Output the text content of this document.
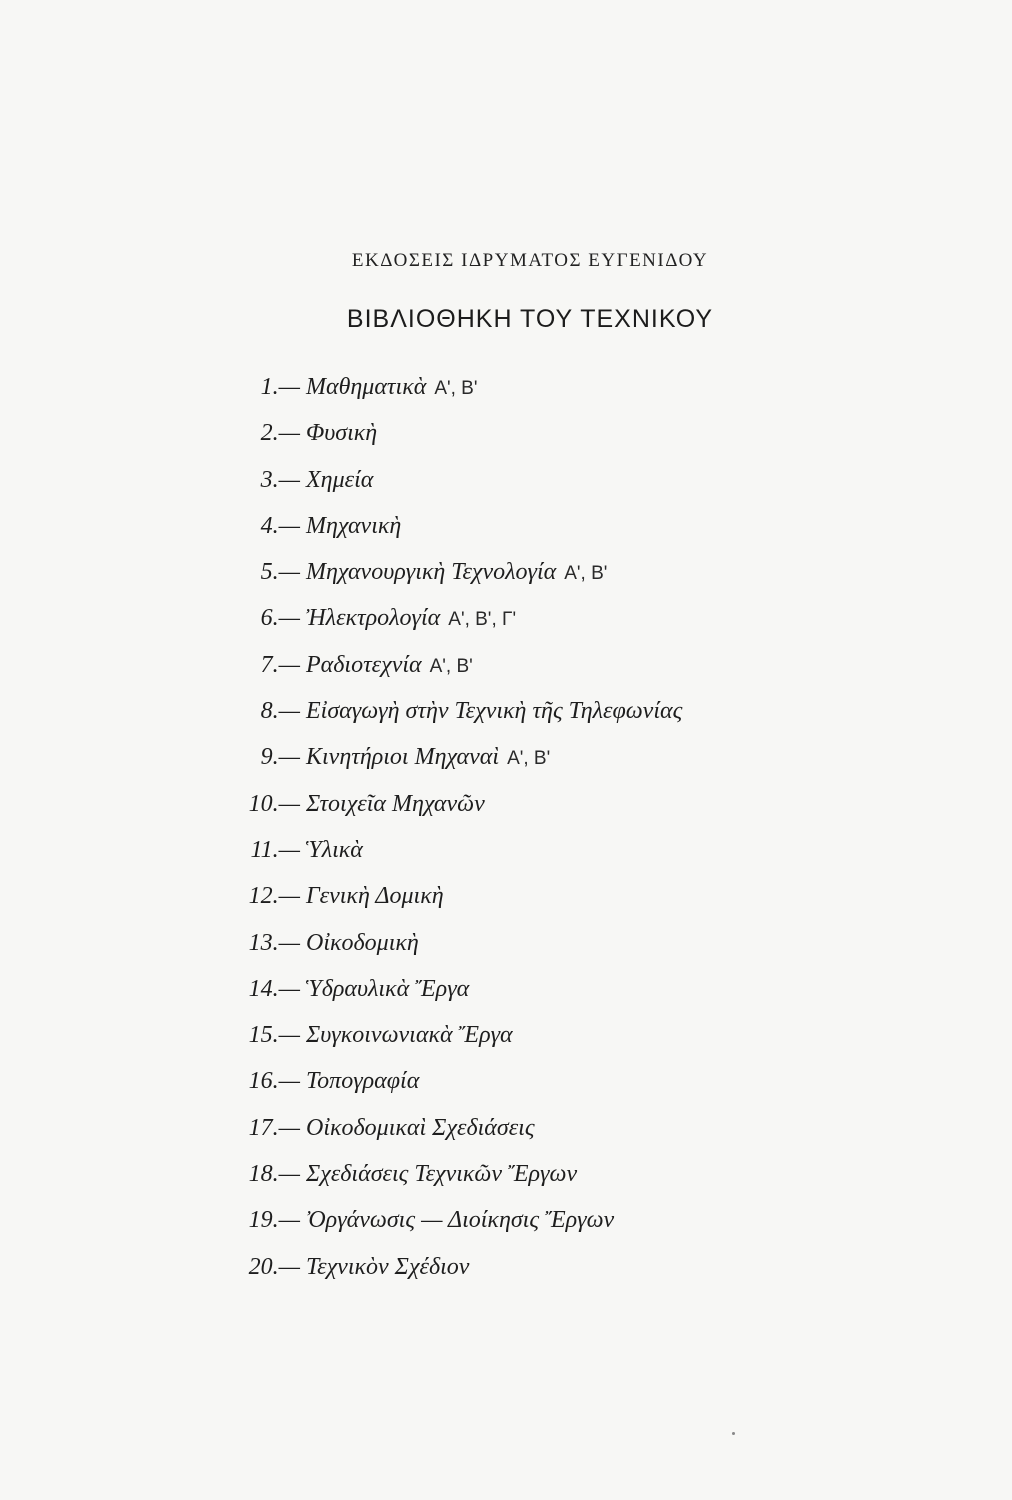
ΕΚΔΟΣΕΙΣ ΙΔΡΥΜΑΤΟΣ ΕΥΓΕΝΙΔΟΥ
ΒΙΒΛΙΟΘΗΚΗ ΤΟΥ ΤΕΧΝΙΚΟΥ
1.— Μαθηματικὰ Α', Β'
2.— Φυσικὴ
3.— Χημεία
4.— Μηχανικὴ
5.— Μηχανουργικὴ Τεχνολογία Α', Β'
6.— Ἠλεκτρολογία Α', Β', Γ'
7.— Ραδιοτεχνία Α', Β'
8.— Εἰσαγωγὴ στὴν Τεχνικὴ τῆς Τηλεφωνίας
9.— Κινητήριοι Μηχαναὶ Α', Β'
10.— Στοιχεῖα Μηχανῶν
11.— Ὑλικὰ
12.— Γενικὴ Δομικὴ
13.— Οἰκοδομικὴ
14.— Ὑδραυλικὰ Ἔργα
15.— Συγκοινωνιακὰ Ἔργα
16.— Τοπογραφία
17.— Οἰκοδομικαὶ Σχεδιάσεις
18.— Σχεδιάσεις Τεχνικῶν Ἔργων
19.— Ὀργάνωσις — Διοίκησις Ἔργων
20.— Τεχνικὸν Σχέδιον
